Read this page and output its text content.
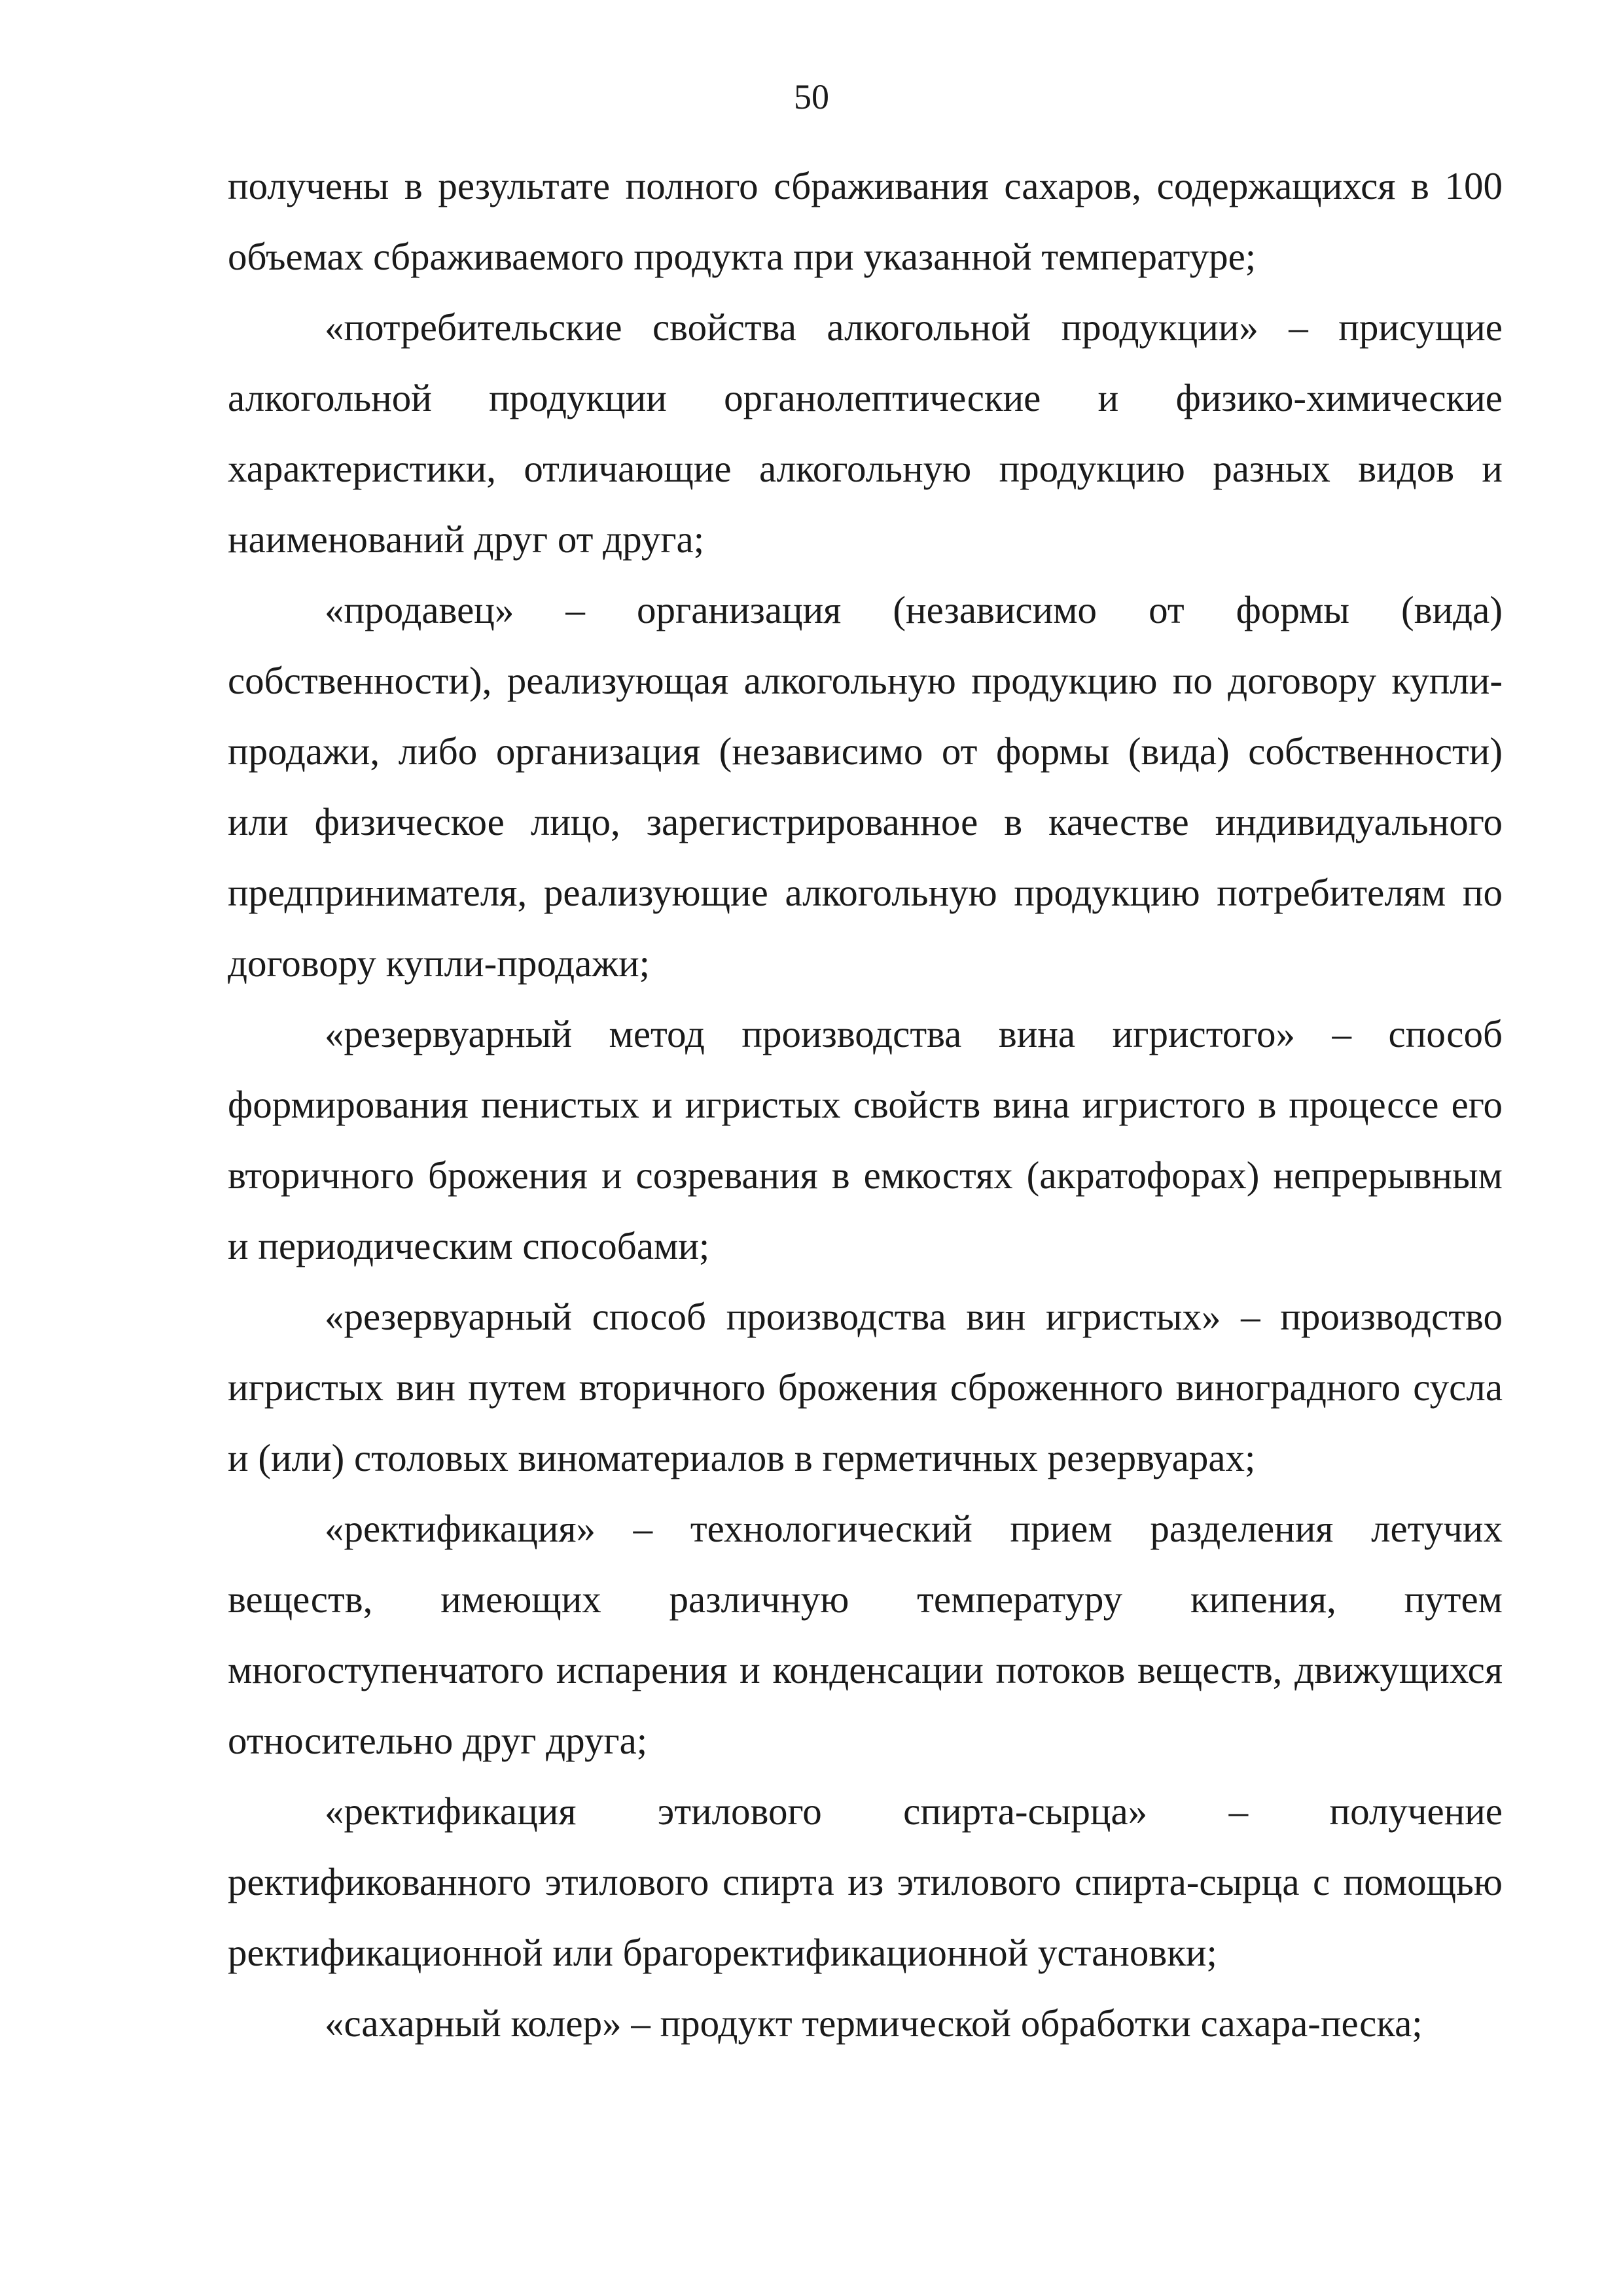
50

получены в результате полного сбраживания сахаров, содержащихся в 100 объемах сбраживаемого продукта при указанной температуре;

«потребительские свойства алкогольной продукции» – присущие алкогольной продукции органолептические и физико-химические характеристики, отличающие алкогольную продукцию разных видов и наименований друг от друга;

«продавец» – организация (независимо от формы (вида) собственности), реализующая алкогольную продукцию по договору купли-продажи, либо организация (независимо от формы (вида) собственности) или физическое лицо, зарегистрированное в качестве индивидуального предпринимателя, реализующие алкогольную продукцию потребителям по договору купли-продажи;

«резервуарный метод производства вина игристого» – способ формирования пенистых и игристых свойств вина игристого в процессе его вторичного брожения и созревания в емкостях (акратофорах) непрерывным и периодическим способами;

«резервуарный способ производства вин игристых» – производство игристых вин путем вторичного брожения сброженного виноградного сусла и (или) столовых виноматериалов в герметичных резервуарах;

«ректификация» – технологический прием разделения летучих веществ, имеющих различную температуру кипения, путем многоступенчатого испарения и конденсации потоков веществ, движущихся относительно друг друга;

«ректификация этилового спирта-сырца» – получение ректификованного этилового спирта из этилового спирта-сырца с помощью ректификационной или брагоректификационной установки;

«сахарный колер» – продукт термической обработки сахара-песка;
